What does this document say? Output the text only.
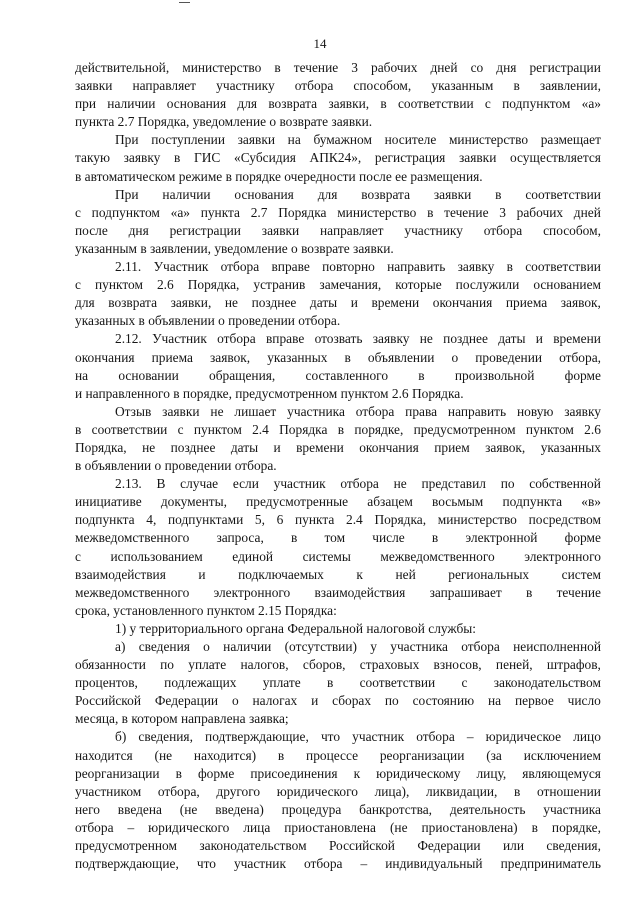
14
действительной, министерство в течение 3 рабочих дней со дня регистрации
заявки направляет участнику отбора способом, указанным в заявлении,
при наличии основания для возврата заявки, в соответствии с подпунктом «а»
пункта 2.7 Порядка, уведомление о возврате заявки.
При поступлении заявки на бумажном носителе министерство размещает
такую заявку в ГИС «Субсидия АПК24», регистрация заявки осуществляется
в автоматическом режиме в порядке очередности после ее размещения.
При наличии основания для возврата заявки в соответствии
с подпунктом «а» пункта 2.7 Порядка министерство в течение 3 рабочих дней
после дня регистрации заявки направляет участнику отбора способом,
указанным в заявлении, уведомление о возврате заявки.
2.11. Участник отбора вправе повторно направить заявку в соответствии
с пунктом 2.6 Порядка, устранив замечания, которые послужили основанием
для возврата заявки, не позднее даты и времени окончания приема заявок,
указанных в объявлении о проведении отбора.
2.12. Участник отбора вправе отозвать заявку не позднее даты и времени
окончания приема заявок, указанных в объявлении о проведении отбора,
на основании обращения, составленного в произвольной форме
и направленного в порядке, предусмотренном пунктом 2.6 Порядка.
Отзыв заявки не лишает участника отбора права направить новую заявку
в соответствии с пунктом 2.4 Порядка в порядке, предусмотренном пунктом 2.6
Порядка, не позднее даты и времени окончания прием заявок, указанных
в объявлении о проведении отбора.
2.13. В случае если участник отбора не представил по собственной
инициативе документы, предусмотренные абзацем восьмым подпункта «в»
подпункта 4, подпунктами 5, 6 пункта 2.4 Порядка, министерство посредством
межведомственного запроса, в том числе в электронной форме
с использованием единой системы межведомственного электронного
взаимодействия и подключаемых к ней региональных систем
межведомственного электронного взаимодействия запрашивает в течение
срока, установленного пунктом 2.15 Порядка:
1) у территориального органа Федеральной налоговой службы:
а) сведения о наличии (отсутствии) у участника отбора неисполненной
обязанности по уплате налогов, сборов, страховых взносов, пеней, штрафов,
процентов, подлежащих уплате в соответствии с законодательством
Российской Федерации о налогах и сборах по состоянию на первое число
месяца, в котором направлена заявка;
б) сведения, подтверждающие, что участник отбора – юридическое лицо
находится (не находится) в процессе реорганизации (за исключением
реорганизации в форме присоединения к юридическому лицу, являющемуся
участником отбора, другого юридического лица), ликвидации, в отношении
него введена (не введена) процедура банкротства, деятельность участника
отбора – юридического лица приостановлена (не приостановлена) в порядке,
предусмотренном законодательством Российской Федерации или сведения,
подтверждающие, что участник отбора – индивидуальный предприниматель
